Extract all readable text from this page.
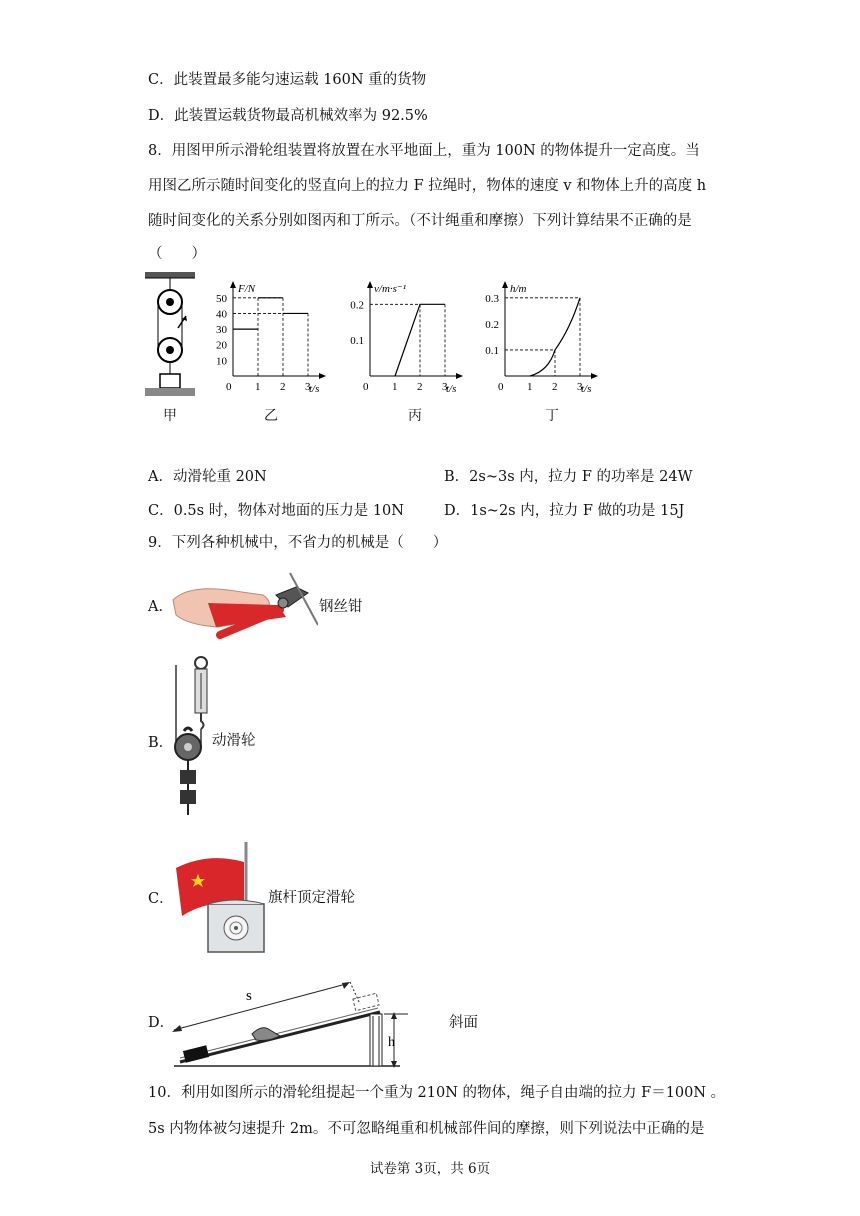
C．此装置最多能匀速运载 160N 重的货物
D．此装置运载货物最高机械效率为 92.5%
8．用图甲所示滑轮组装置将放置在水平地面上，重为 100N 的物体提升一定高度。当
用图乙所示随时间变化的竖直向上的拉力 F 拉绳时，物体的速度 v 和物体上升的高度 h
随时间变化的关系分别如图丙和丁所示。（不计绳重和摩擦）下列计算结果不正确的是
（　　）
F/N
t/s
0 1 2 3
10
20
30
40
50
v/m·s⁻¹
t/s
0 1 2 3
0.1
0.2
h/m
t/s
0 1 2 3
0.1
0.2
0.3
甲	乙	丙	丁
A．动滑轮重 20N	B．2s~3s 内，拉力 F 的功率是 24W
C．0.5s 时，物体对地面的压力是 10N	D．1s~2s 内，拉力 F 做的功是 15J
9．下列各种机械中，不省力的机械是（　　）
A．	钢丝钳
B．	动滑轮
C．	旗杆顶定滑轮
D．
s
h
斜面
10．利用如图所示的滑轮组提起一个重为 210N 的物体，绳子自由端的拉力 F＝100N 。
5s 内物体被匀速提升 2m。不可忽略绳重和机械部件间的摩擦，则下列说法中正确的是
试卷第 3页，共 6页
